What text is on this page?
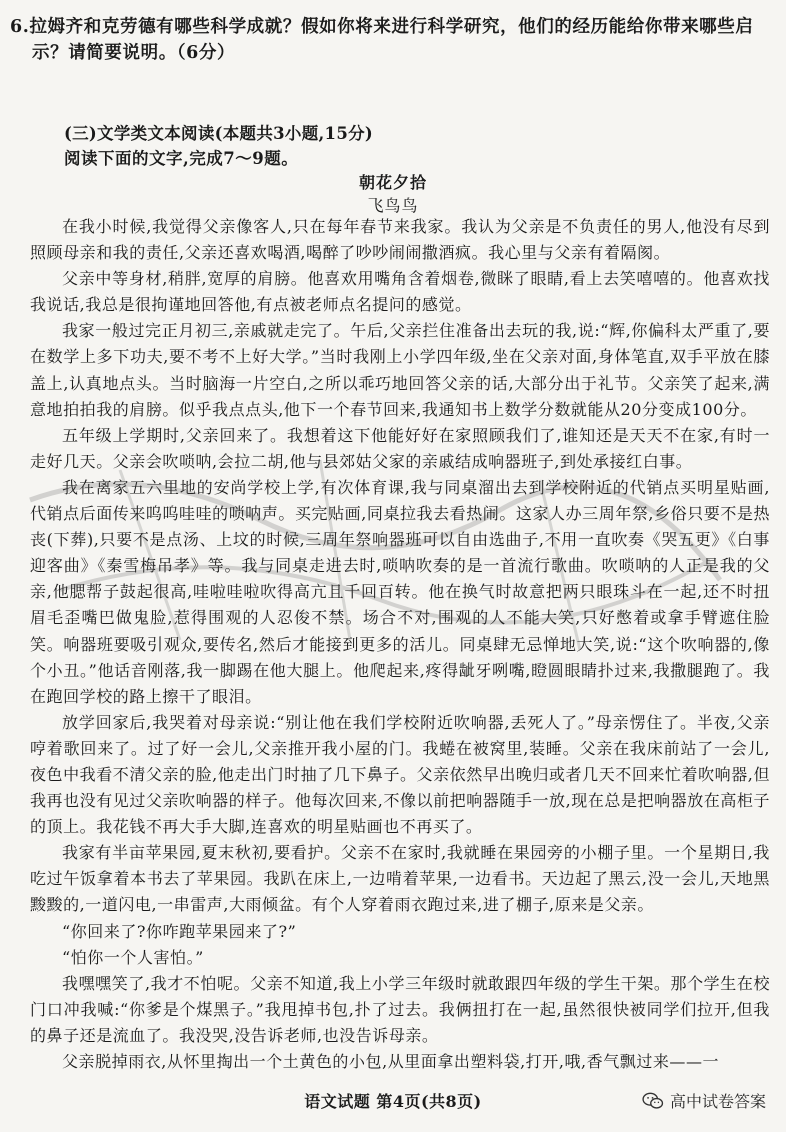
6.拉姆齐和克劳德有哪些科学成就？假如你将来进行科学研究，他们的经历能给你带来哪些启
示？请简要说明。（6分）
(三)文学类文本阅读(本题共3小题,15分)
阅读下面的文字,完成7～9题。
朝花夕拾
飞鸟鸟

在我小时候,我觉得父亲像客人,只在每年春节来我家。我认为父亲是不负责任的男人,他没有尽到照顾母亲和我的责任,父亲还喜欢喝酒,喝醉了吵吵闹闹撒酒疯。我心里与父亲有着隔阂。

父亲中等身材,稍胖,宽厚的肩膀。他喜欢用嘴角含着烟卷,微眯了眼睛,看上去笑嘻嘻的。他喜欢找我说话,我总是很拘谨地回答他,有点被老师点名提问的感觉。

我家一般过完正月初三,亲戚就走完了。午后,父亲拦住准备出去玩的我,说:“辉,你偏科太严重了,要在数学上多下功夫,要不考不上好大学。”当时我刚上小学四年级,坐在父亲对面,身体笔直,双手平放在膝盖上,认真地点头。当时脑海一片空白,之所以乖巧地回答父亲的话,大部分出于礼节。父亲笑了起来,满意地拍拍我的肩膀。似乎我点点头,他下一个春节回来,我通知书上数学分数就能从20分变成100分。

五年级上学期时,父亲回来了。我想着这下他能好好在家照顾我们了,谁知还是天天不在家,有时一走好几天。父亲会吹唢呐,会拉二胡,他与县郊姑父家的亲戚结成响器班子,到处承接红白事。

我在离家五六里地的安尚学校上学,有次体育课,我与同桌溜出去到学校附近的代销点买明星贴画,代销点后面传来呜呜哇哇的唢呐声。买完贴画,同桌拉我去看热闹。这家人办三周年祭,乡俗只要不是热丧(下葬),只要不是点汤、上坟的时候,三周年祭响器班可以自由选曲子,不用一直吹奏《哭五更》《白事迎客曲》《秦雪梅吊孝》等。我与同桌走进去时,唢呐吹奏的是一首流行歌曲。吹唢呐的人正是我的父亲,他腮帮子鼓起很高,哇啦哇啦吹得高亢且千回百转。他在换气时故意把两只眼珠斗在一起,还不时扭眉毛歪嘴巴做鬼脸,惹得围观的人忍俊不禁。场合不对,围观的人不能大笑,只好憋着或拿手臂遮住脸笑。响器班要吸引观众,要传名,然后才能接到更多的活儿。同桌肆无忌惮地大笑,说:“这个吹响器的,像个小丑。”他话音刚落,我一脚踢在他大腿上。他爬起来,疼得龇牙咧嘴,瞪圆眼睛扑过来,我撒腿跑了。我在跑回学校的路上擦干了眼泪。

放学回家后,我哭着对母亲说:“别让他在我们学校附近吹响器,丢死人了。”母亲愣住了。半夜,父亲哼着歌回来了。过了好一会儿,父亲推开我小屋的门。我蜷在被窝里,装睡。父亲在我床前站了一会儿,夜色中我看不清父亲的脸,他走出门时抽了几下鼻子。父亲依然早出晚归或者几天不回来忙着吹响器,但我再也没有见过父亲吹响器的样子。他每次回来,不像以前把响器随手一放,现在总是把响器放在高柜子的顶上。我花钱不再大手大脚,连喜欢的明星贴画也不再买了。

我家有半亩苹果园,夏末秋初,要看护。父亲不在家时,我就睡在果园旁的小棚子里。一个星期日,我吃过午饭拿着本书去了苹果园。我趴在床上,一边啃着苹果,一边看书。天边起了黑云,没一会儿,天地黑黢黢的,一道闪电,一串雷声,大雨倾盆。有个人穿着雨衣跑过来,进了棚子,原来是父亲。

“你回来了?你咋跑苹果园来了?”

“怕你一个人害怕。”

我嘿嘿笑了,我才不怕呢。父亲不知道,我上小学三年级时就敢跟四年级的学生干架。那个学生在校门口冲我喊:“你爹是个煤黑子。”我甩掉书包,扑了过去。我俩扭打在一起,虽然很快被同学们拉开,但我的鼻子还是流血了。我没哭,没告诉老师,也没告诉母亲。

父亲脱掉雨衣,从怀里掏出一个土黄色的小包,从里面拿出塑料袋,打开,哦,香气飘过来——一

语文试题 第4页(共8页)	高中试卷答案
